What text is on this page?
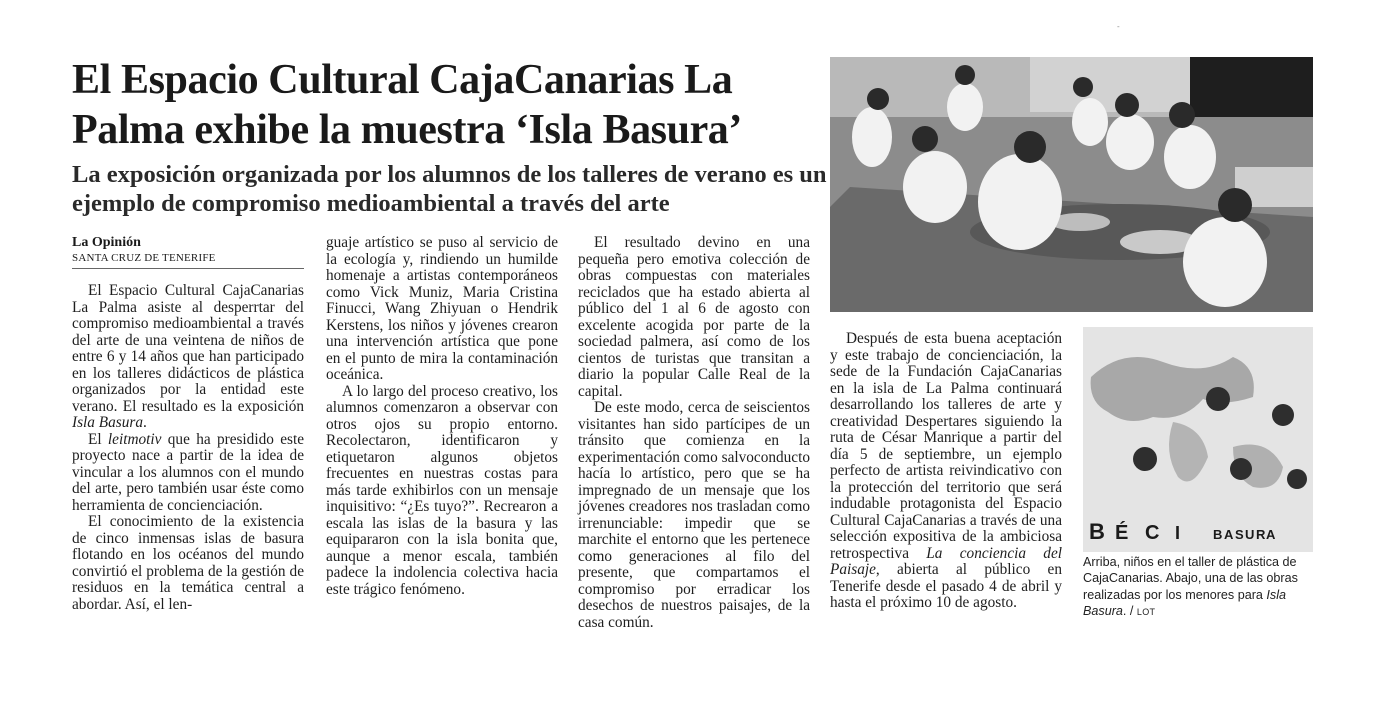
-
El Espacio Cultural CajaCanarias La Palma exhibe la muestra ‘Isla Basura’
La exposición organizada por los alumnos de los talleres de verano es un ejemplo de compromiso medioambiental a través del arte
La Opinión
SANTA CRUZ DE TENERIFE

El Espacio Cultural CajaCanarias La Palma asiste al desperrtar del compromiso medioambiental a través del arte de una veintena de niños de entre 6 y 14 años que han participado en los talleres didácticos de plástica organizados por la entidad este verano. El resultado es la exposición Isla Basura.

El leitmotiv que ha presidido este proyecto nace a partir de la idea de vincular a los alumnos con el mundo del arte, pero también usar éste como herramienta de concienciación.

El conocimiento de la existencia de cinco inmensas islas de basura flotando en los océanos del mundo convirtió el problema de la gestión de residuos en la temática central a abordar. Así, el len-

guaje artístico se puso al servicio de la ecología y, rindiendo un humilde homenaje a artistas contemporáneos como Vick Muniz, Maria Cristina Finucci, Wang Zhiyuan o Hendrik Kerstens, los niños y jóvenes crearon una intervención artística que pone en el punto de mira la contaminación oceánica.

A lo largo del proceso creativo, los alumnos comenzaron a observar con otros ojos su propio entorno. Recolectaron, identificaron y etiquetaron algunos objetos frecuentes en nuestras costas para más tarde exhibirlos con un mensaje inquisitivo: “¿Es tuyo?”. Recrearon a escala las islas de la basura y las equipararon con la isla bonita que, aunque a menor escala, también padece la indolencia colectiva hacia este trágico fenómeno.

El resultado devino en una pequeña pero emotiva colección de obras compuestas con materiales reciclados que ha estado abierta al público del 1 al 6 de agosto con excelente acogida por parte de la sociedad palmera, así como de los cientos de turistas que transitan a diario la popular Calle Real de la capital.

De este modo, cerca de seiscientos visitantes han sido partícipes de un tránsito que comienza en la experimentación como salvoconducto hacía lo artístico, pero que se ha impregnado de un mensaje que los jóvenes creadores nos trasladan como irrenunciable: impedir que se marchite el entorno que les pertenece como generaciones al filo del presente, que compartamos el compromiso por erradicar los desechos de nuestros paisajes, de la casa común.

Después de esta buena aceptación y este trabajo de concienciación, la sede de la Fundación CajaCanarias en la isla de La Palma continuará desarrollando los talleres de arte y creatividad Despertares siguiendo la ruta de César Manrique a partir del día 5 de septiembre, un ejemplo perfecto de artista reivindicativo con la protección del territorio que será indudable protagonista del Espacio Cultural CajaCanarias a través de una selección expositiva de la ambiciosa retrospectiva La conciencia del Paisaje, abierta al público en Tenerife desde el pasado 4 de abril y hasta el próximo 10 de agosto.

B É C I	B A S U R A
Arriba, niños en el taller de plástica de CajaCanarias. Abajo, una de las obras realizadas por los menores para Isla Basura. / LOT
